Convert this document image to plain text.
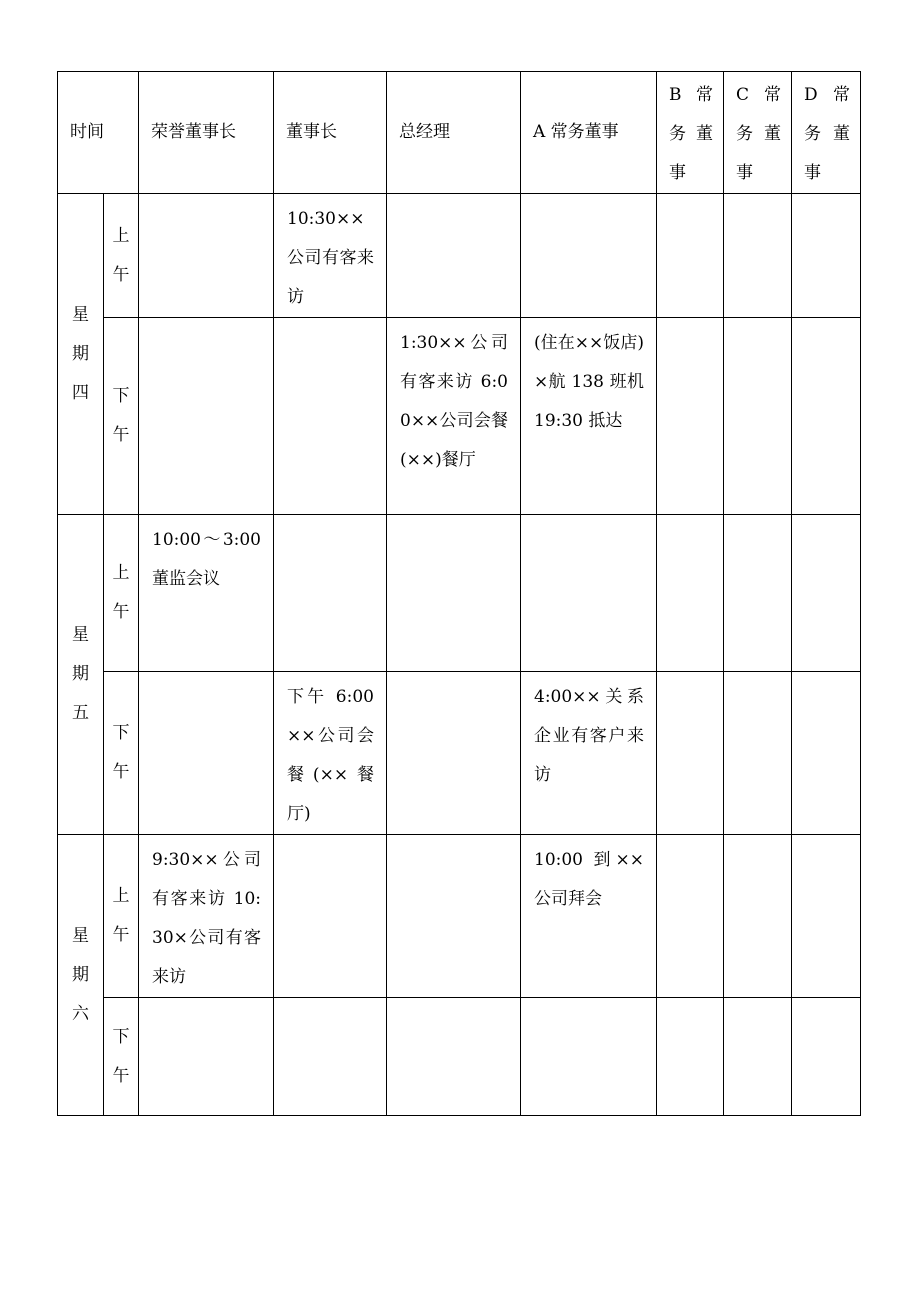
时间		荣誉董事长	董事长	总经理	A 常务董事	B 常务董事	C 常务董事	D 常务董事

星期四	上午		10:30××公司有客来访					

	下午			1:30××公司有客来访 6:00××公司会餐(××)餐厅	(住在××饭店)×航 138 班机 19:30 抵达			

星期五	上午	10:00～3:00 董监会议						

	下午		下午 6:00 ××公司会餐(××餐厅)		4:00××关系企业有客户来访			

星期六	上午	9:30××公司有客来访 10:30×公司有客来访			10:00 到××公司拜会			

	下午	
